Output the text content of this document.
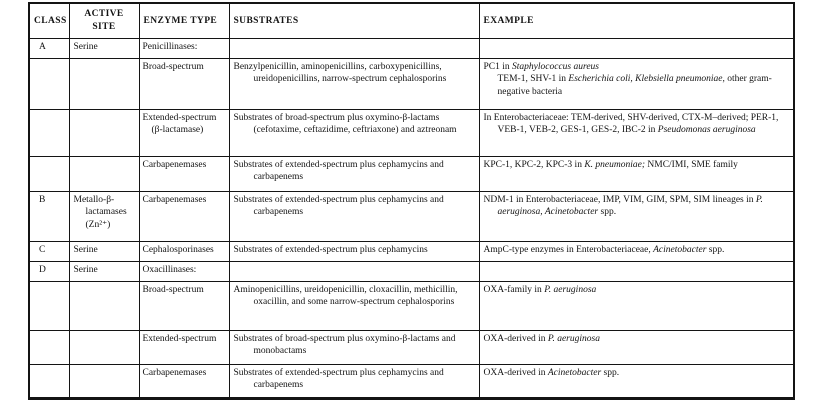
CLASS	ACTIVE SITE	ENZYME TYPE	SUBSTRATES	EXAMPLE

A	Serine	Penicillinases:		

		Broad-spectrum	Benzylpenicillin, aminopenicillins, carboxypenicillins, ureidopenicillins, narrow-spectrum cephalosporins	PC1 in Staphylococcus aureus
TEM-1, SHV-1 in Escherichia coli, Klebsiella pneumoniae, other gram-negative bacteria

		Extended-spectrum (β-lactamase)	Substrates of broad-spectrum plus oxymino-β-lactams (cefotaxime, ceftazidime, ceftriaxone) and aztreonam	In Enterobacteriaceae: TEM-derived, SHV-derived, CTX-M–derived; PER-1, VEB-1, VEB-2, GES-1, GES-2, IBC-2 in Pseudomonas aeruginosa

		Carbapenemases	Substrates of extended-spectrum plus cephamycins and carbapenems	KPC-1, KPC-2, KPC-3 in K. pneumoniae; NMC/IMI, SME family

B	Metallo-β-lactamases (Zn²⁺)	Carbapenemases	Substrates of extended-spectrum plus cephamycins and carbapenems	NDM-1 in Enterobacteriaceae, IMP, VIM, GIM, SPM, SIM lineages in P. aeruginosa, Acinetobacter spp.

C	Serine	Cephalosporinases	Substrates of extended-spectrum plus cephamycins	AmpC-type enzymes in Enterobacteriaceae, Acinetobacter spp.

D	Serine	Oxacillinases:		

		Broad-spectrum	Aminopenicillins, ureidopenicillin, cloxacillin, methicillin, oxacillin, and some narrow-spectrum cephalosporins	OXA-family in P. aeruginosa

		Extended-spectrum	Substrates of broad-spectrum plus oxymino-β-lactams and monobactams	OXA-derived in P. aeruginosa

		Carbapenemases	Substrates of extended-spectrum plus cephamycins and carbapenems	OXA-derived in Acinetobacter spp.
